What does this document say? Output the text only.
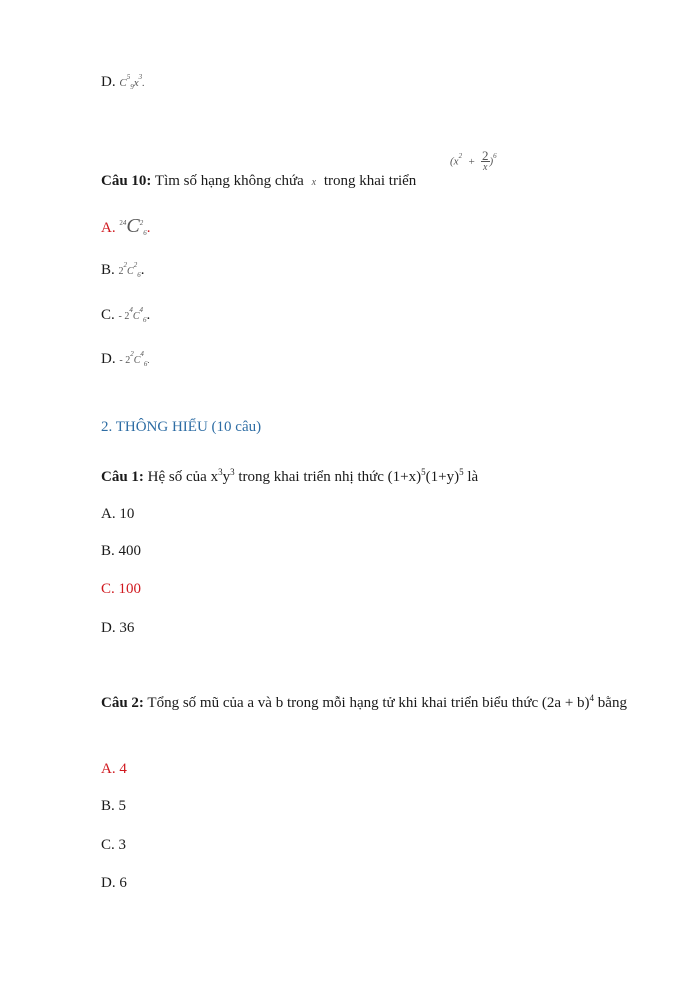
D. $C^5_9x^3$.
Câu 10: Tìm số hạng không chứa x trong khai triển
$(x^2 + \frac{2}{x} )^6$
A. $^{24}C^2_6$.
B. $2^2C^2_6$.
C. - $2^4C^4_6$.
D. - $2^2C^4_6$.
2. THÔNG HIỂU (10 câu)
Câu 1: Hệ số của $x^3y^3$ trong khai triển nhị thức $(1+x)^5(1+y)^5$ là
A. 10
B. 400
C. 100
D. 36
Câu 2: Tổng số mũ của a và b trong mỗi hạng tử khi khai triển biểu thức $(2a + b)^4$ bằng
A. 4
B. 5
C. 3
D. 6
